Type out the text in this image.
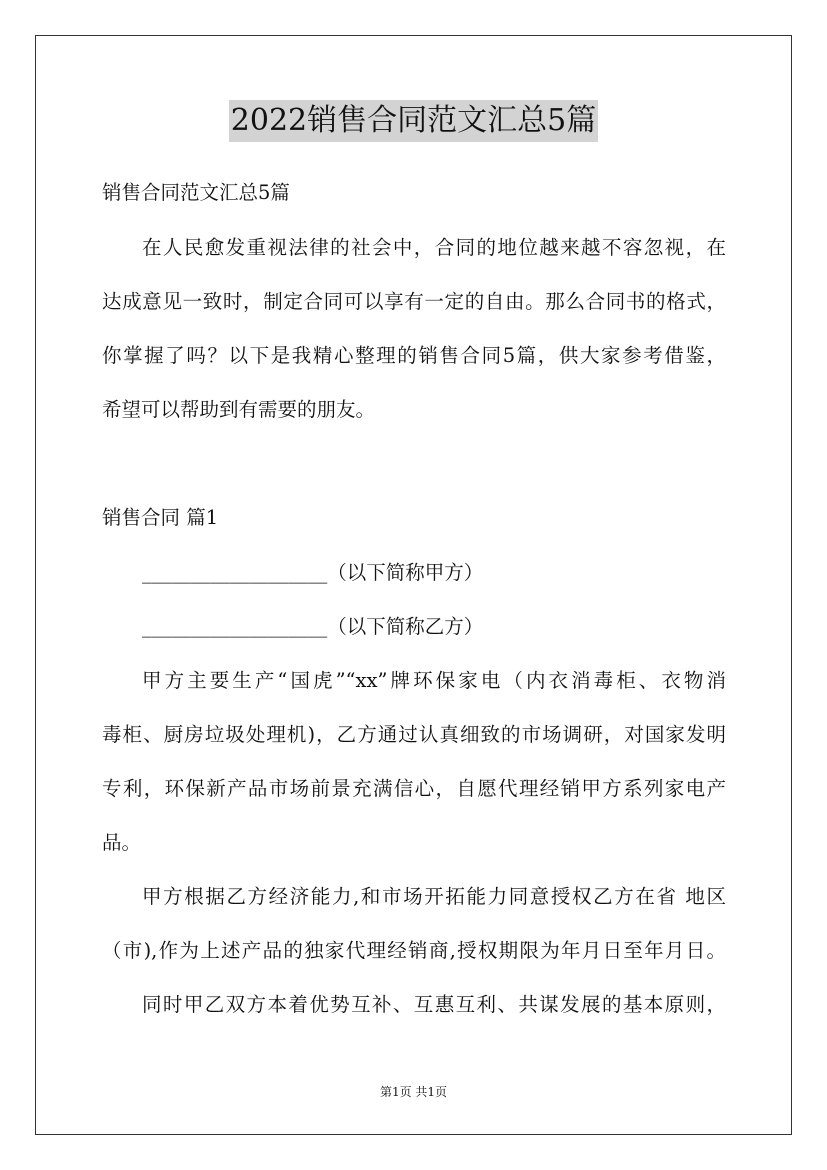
2022销售合同范文汇总5篇
销售合同范文汇总5篇
在人民愈发重视法律的社会中，合同的地位越来越不容忽视，在
达成意见一致时，制定合同可以享有一定的自由。那么合同书的格式，
你掌握了吗？以下是我精心整理的销售合同5篇，供大家参考借鉴，
希望可以帮助到有需要的朋友。
销售合同 篇1
___________________（以下简称甲方）
___________________（以下简称乙方）
甲方主要生产“国虎”“xx”牌环保家电（内衣消毒柜、衣物消
毒柜、厨房垃圾处理机)，乙方通过认真细致的市场调研，对国家发明
专利，环保新产品市场前景充满信心，自愿代理经销甲方系列家电产
品。
甲方根据乙方经济能力,和市场开拓能力同意授权乙方在省 地区
（市),作为上述产品的独家代理经销商,授权期限为年月日至年月日。
同时甲乙双方本着优势互补、互惠互利、共谋发展的基本原则，
第1页 共1页
